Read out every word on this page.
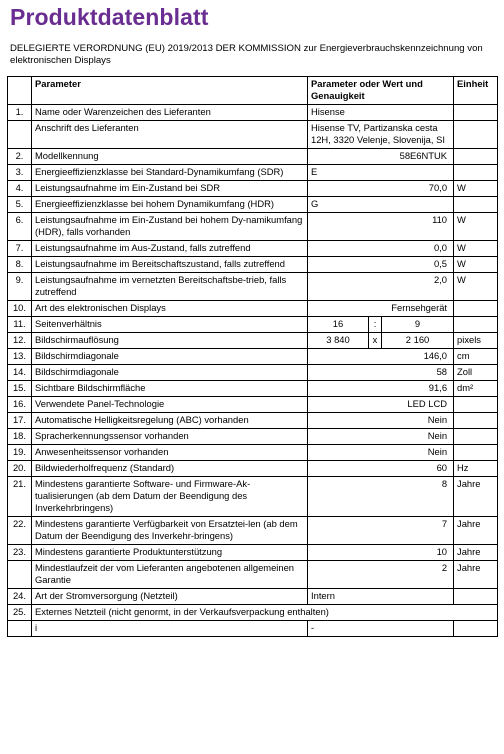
Produktdatenblatt
DELEGIERTE VERORDNUNG (EU) 2019/2013 DER KOMMISSION zur Energieverbrauchskennzeichnung von elektronischen Displays
	Parameter	Parameter oder Wert und Genauigkeit			Einheit
1.	Name oder Warenzeichen des Lieferanten	Hisense			
	Anschrift des Lieferanten	Hisense TV, Partizanska cesta 12H, 3320 Velenje, Slovenija, SI			
2.	Modellkennung	58E6NTUK			
3.	Energieeffizienzklasse bei Standard-Dynamikumfang (SDR)	E			
4.	Leistungsaufnahme im Ein-Zustand bei SDR	70,0			W
5.	Energieeffizienzklasse bei hohem Dynamikumfang (HDR)	G			
6.	Leistungsaufnahme im Ein-Zustand bei hohem Dy-namikumfang (HDR), falls vorhanden	110			W
7.	Leistungsaufnahme im Aus-Zustand, falls zutreffend	0,0			W
8.	Leistungsaufnahme im Bereitschaftszustand, falls zutreffend	0,5			W
9.	Leistungsaufnahme im vernetzten Bereitschaftsbe-trieb, falls zutreffend	2,0			W
10.	Art des elektronischen Displays	Fernsehgerät			
11.	Seitenverhältnis	16	:	9	
12.	Bildschirmauflösung	3 840	x	2 160	pixels
13.	Bildschirmdiagonale	146,0			cm
14.	Bildschirmdiagonale	58			Zoll
15.	Sichtbare Bildschirmfläche	91,6			dm²
16.	Verwendete Panel-Technologie	LED LCD			
17.	Automatische Helligkeitsregelung (ABC) vorhanden	Nein			
18.	Spracherkennungssensor vorhanden	Nein			
19.	Anwesenheitssensor vorhanden	Nein			
20.	Bildwiederholfrequenz (Standard)	60			Hz
21.	Mindestens garantierte Software- und Firmware-Ak-tualisierungen (ab dem Datum der Beendigung des Inverkehrbringens)	8			Jahre
22.	Mindestens garantierte Verfügbarkeit von Ersatztei-len (ab dem Datum der Beendigung des Inverkehr-bringens)	7			Jahre
23.	Mindestens garantierte Produktunterstützung	10			Jahre
	Mindestlaufzeit der vom Lieferanten angebotenen allgemeinen Garantie	2			Jahre
24.	Art der Stromversorgung (Netzteil)	Intern			
25.	Externes Netzteil (nicht genormt, in der Verkaufsverpackung enthalten)				
	i	-			
